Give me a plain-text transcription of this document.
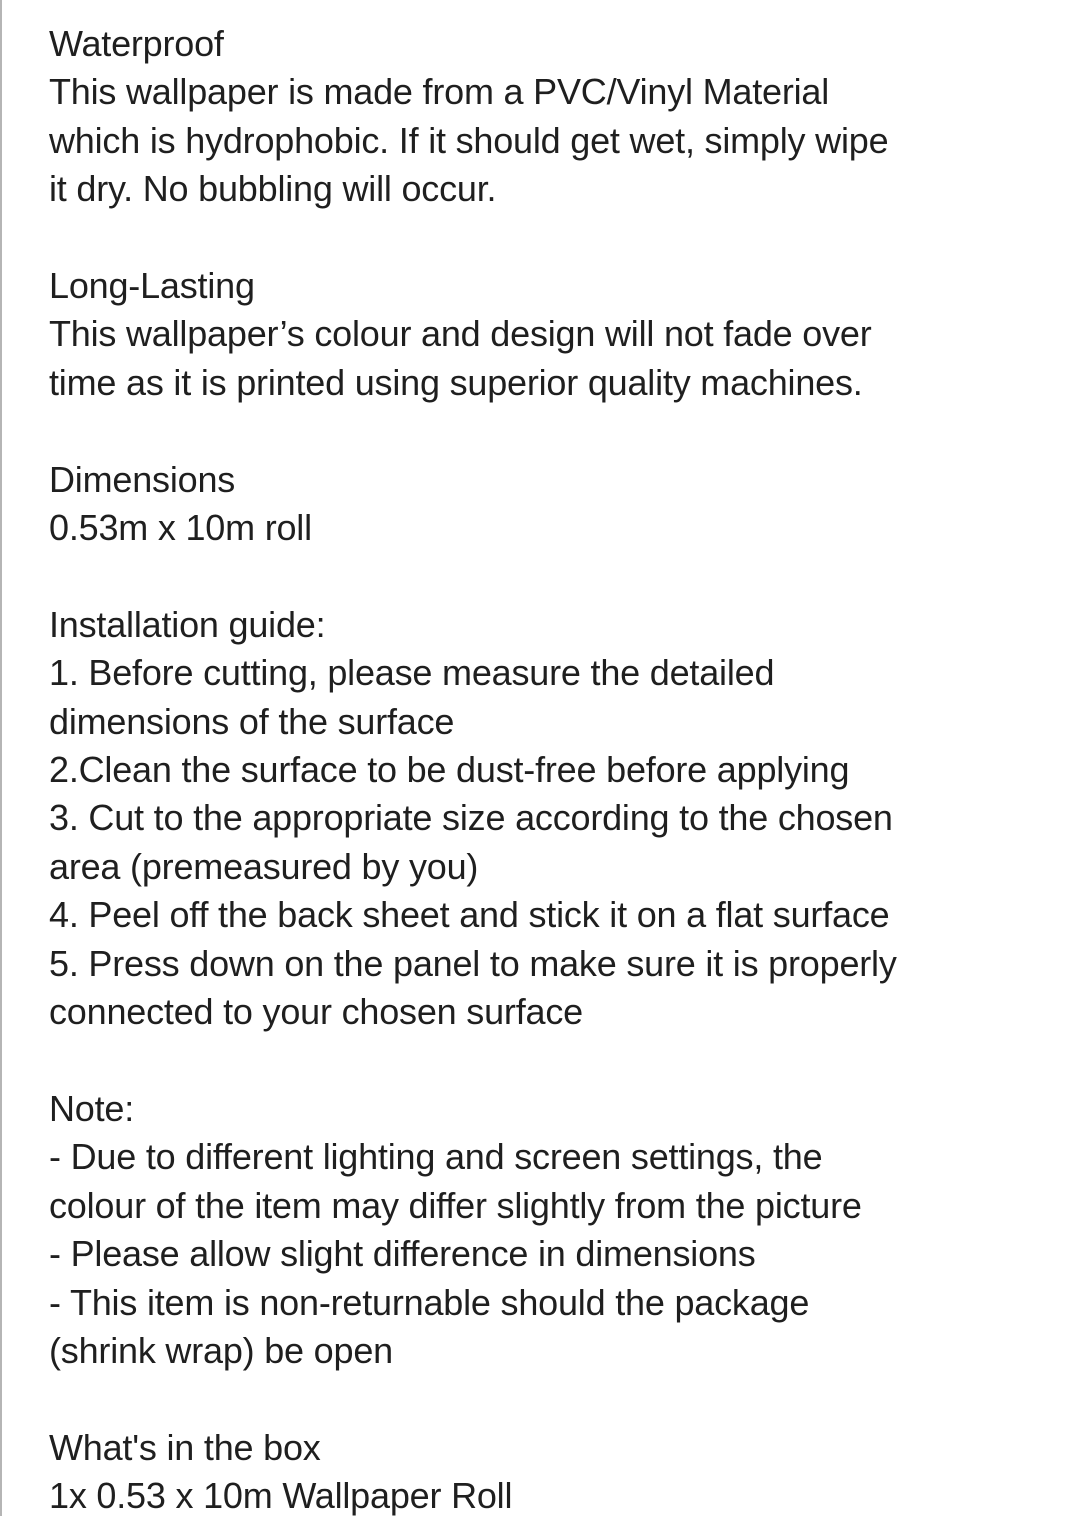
Waterproof
This wallpaper is made from a PVC/Vinyl Material
which is hydrophobic. If it should get wet, simply wipe
it dry. No bubbling will occur.
Long-Lasting
This wallpaper’s colour and design will not fade over
time as it is printed using superior quality machines.
Dimensions
0.53m x 10m roll
Installation guide:
1. Before cutting, please measure the detailed
dimensions of the surface
2.Clean the surface to be dust-free before applying
3. Cut to the appropriate size according to the chosen
area (premeasured by you)
4. Peel off the back sheet and stick it on a flat surface
5. Press down on the panel to make sure it is properly
connected to your chosen surface
Note:
- Due to different lighting and screen settings, the
colour of the item may differ slightly from the picture
- Please allow slight difference in dimensions
- This item is non-returnable should the package
(shrink wrap) be open
What's in the box
1x 0.53 x 10m Wallpaper Roll
